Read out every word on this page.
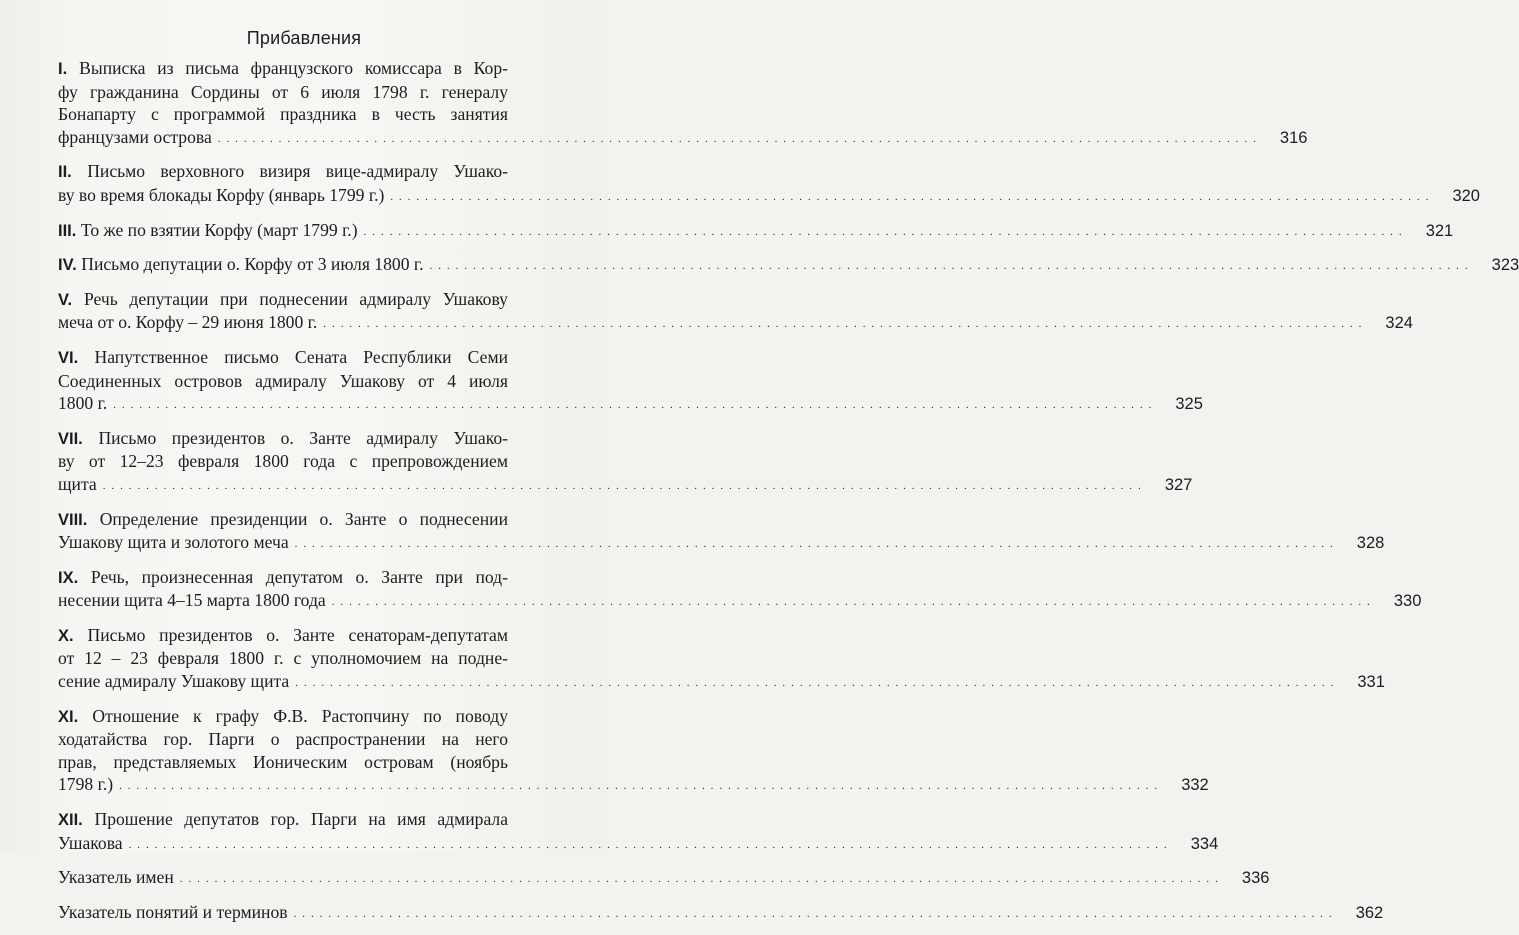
Прибавления
I. Выписка из письма французского комиссара в Кор-
фу гражданина Сордины от 6 июля 1798 г. генералу
Бонапарту с программой праздника в честь занятия
французами острова . . . . . . . . . . . . . . . . . . . . . . . . . . . . . . . . . . . . . . . . . . . . . . . . . . . . . . . . . . . . . . . . . . . . . . . . . . . . . . . . . . . . . . . . . . . . . . . . . . . . . . . . . . . . . . . . . . . . . . . .	316
II. Письмо верховного визиря вице-адмиралу Ушако-
ву во время блокады Корфу (январь 1799 г.) . . . . . . . . . . . . . . . . . . . . . . . . . . . . . . . . . . . . . . . . . . . . . . . . . . . . . . . . . . . . . . . . . . . . . . . . . . . . . . . . . . . . . . . . . . . . . . . . . . . . . . . . . . . . . . . . . . . . . . . .	320
III. То же по взятии Корфу (март 1799 г.) . . . . . . . . . . . . . . . . . . . . . . . . . . . . . . . . . . . . . . . . . . . . . . . . . . . . . . . . . . . . . . . . . . . . . . . . . . . . . . . . . . . . . . . . . . . . . . . . . . . . . . . . . . . . . . . . . . . . . . . .	321
IV. Письмо депутации о. Корфу от 3 июля 1800 г. . . . . . . . . . . . . . . . . . . . . . . . . . . . . . . . . . . . . . . . . . . . . . . . . . . . . . . . . . . . . . . . . . . . . . . . . . . . . . . . . . . . . . . . . . . . . . . . . . . . . . . . . . . . . . . . . . . . . . . . .	323
V. Речь депутации при поднесении адмиралу Ушакову
меча от о. Корфу – 29 июня 1800 г. . . . . . . . . . . . . . . . . . . . . . . . . . . . . . . . . . . . . . . . . . . . . . . . . . . . . . . . . . . . . . . . . . . . . . . . . . . . . . . . . . . . . . . . . . . . . . . . . . . . . . . . . . . . . . . . . . . . . . . . .	324
VI. Напутственное письмо Сената Республики Семи
Соединенных островов адмиралу Ушакову от 4 июля
1800 г. . . . . . . . . . . . . . . . . . . . . . . . . . . . . . . . . . . . . . . . . . . . . . . . . . . . . . . . . . . . . . . . . . . . . . . . . . . . . . . . . . . . . . . . . . . . . . . . . . . . . . . . . . . . . . . . . . . . . . . . .	325
VII. Письмо президентов о. Занте адмиралу Ушако-
ву от 12–23 февраля 1800 года с препровождением
щита . . . . . . . . . . . . . . . . . . . . . . . . . . . . . . . . . . . . . . . . . . . . . . . . . . . . . . . . . . . . . . . . . . . . . . . . . . . . . . . . . . . . . . . . . . . . . . . . . . . . . . . . . . . . . . . . . . . . . . . .	327
VIII. Определение президенции о. Занте о поднесении
Ушакову щита и золотого меча . . . . . . . . . . . . . . . . . . . . . . . . . . . . . . . . . . . . . . . . . . . . . . . . . . . . . . . . . . . . . . . . . . . . . . . . . . . . . . . . . . . . . . . . . . . . . . . . . . . . . . . . . . . . . . . . . . . . . . . .	328
IX. Речь, произнесенная депутатом о. Занте при под-
несении щита 4–15 марта 1800 года . . . . . . . . . . . . . . . . . . . . . . . . . . . . . . . . . . . . . . . . . . . . . . . . . . . . . . . . . . . . . . . . . . . . . . . . . . . . . . . . . . . . . . . . . . . . . . . . . . . . . . . . . . . . . . . . . . . . . . . .	330
X. Письмо президентов о. Занте сенаторам-депутатам
от 12 – 23 февраля 1800 г. с уполномочием на подне-
сение адмиралу Ушакову щита . . . . . . . . . . . . . . . . . . . . . . . . . . . . . . . . . . . . . . . . . . . . . . . . . . . . . . . . . . . . . . . . . . . . . . . . . . . . . . . . . . . . . . . . . . . . . . . . . . . . . . . . . . . . . . . . . . . . . . . .	331
XI. Отношение к графу Ф.В. Растопчину по поводу
ходатайства гор. Парги о распространении на него
прав, представляемых Ионическим островам (ноябрь
1798 г.) . . . . . . . . . . . . . . . . . . . . . . . . . . . . . . . . . . . . . . . . . . . . . . . . . . . . . . . . . . . . . . . . . . . . . . . . . . . . . . . . . . . . . . . . . . . . . . . . . . . . . . . . . . . . . . . . . . . . . . . .	332
XII. Прошение депутатов гор. Парги на имя адмирала
Ушакова . . . . . . . . . . . . . . . . . . . . . . . . . . . . . . . . . . . . . . . . . . . . . . . . . . . . . . . . . . . . . . . . . . . . . . . . . . . . . . . . . . . . . . . . . . . . . . . . . . . . . . . . . . . . . . . . . . . . . . . .	334
Указатель имен . . . . . . . . . . . . . . . . . . . . . . . . . . . . . . . . . . . . . . . . . . . . . . . . . . . . . . . . . . . . . . . . . . . . . . . . . . . . . . . . . . . . . . . . . . . . . . . . . . . . . . . . . . . . . . . . . . . . . . . .	336
Указатель понятий и терминов . . . . . . . . . . . . . . . . . . . . . . . . . . . . . . . . . . . . . . . . . . . . . . . . . . . . . . . . . . . . . . . . . . . . . . . . . . . . . . . . . . . . . . . . . . . . . . . . . . . . . . . . . . . . . . . . . . . . . . . .	362
